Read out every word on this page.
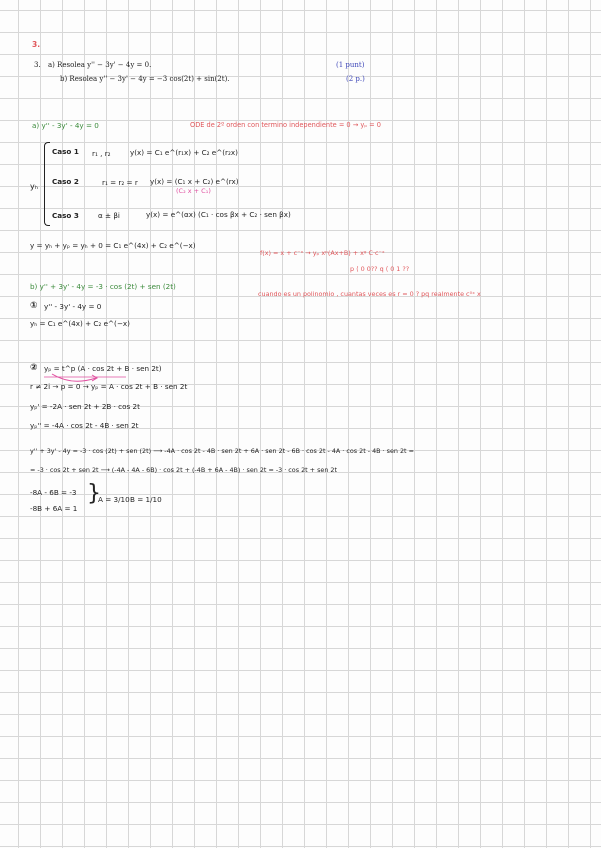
3.
3. a) Resolea y'' − 3y' − 4y = 0.	(1 punt)
b) Resolea y'' − 3y' − 4y = −3 cos(2t) + sin(2t).	(2 p.)
a) y'' - 3y' - 4y = 0	ODE de 2º orden con termino independiente = 0 → yₚ = 0
yₕ
Caso 1 r₁ , r₂	y(x) = C₁ e^(r₁x) + C₂ e^(r₂x)
Caso 2	r₁ = r₂ = r y(x) = (C₁ x + C₂) e^(rx)
(C₂ x + C₁)
Caso 3	α ± βi	y(x) = e^(αx) (C₁ · cos βx + C₂ · sen βx)
y = yₕ + yₚ = yₕ + 0 = C₁ e^(4x) + C₂ e^(−x)
f(x) = x + c⁻ˣ → yₚ xᵖ(Ax+B) + xᵍ C·c⁻ˣ
p ⟨ 0 0?? q ⟨ 0 1 ??
cuando es un polinomio , cuantas veces es r = 0 ? pq realmente c⁰ˣ x
b) y'' + 3y' - 4y = -3 · cos (2t) + sen (2t)
① y'' - 3y' - 4y = 0
yₕ = C₁ e^(4x) + C₂ e^(−x)
② yₚ = t^p (A · cos 2t + B · sen 2t)
r ≠ 2i → p = 0 → yₚ = A · cos 2t + B · sen 2t
yₚ' = -2A · sen 2t + 2B · cos 2t
yₚ'' = -4A · cos 2t - 4B · sen 2t
y'' + 3y' - 4y = -3 · cos (2t) + sen (2t) ⟶ -4A · cos 2t - 4B · sen 2t + 6A · sen 2t - 6B · cos 2t - 4A · cos 2t - 4B · sen 2t =
= -3 · cos 2t + sen 2t ⟶ (-4A - 4A - 6B) · cos 2t + (-4B + 6A - 4B) · sen 2t = -3 · cos 2t + sen 2t
-8A - 6B = -3
-8B + 6A = 1
}
A = 3/10 B = 1/10
